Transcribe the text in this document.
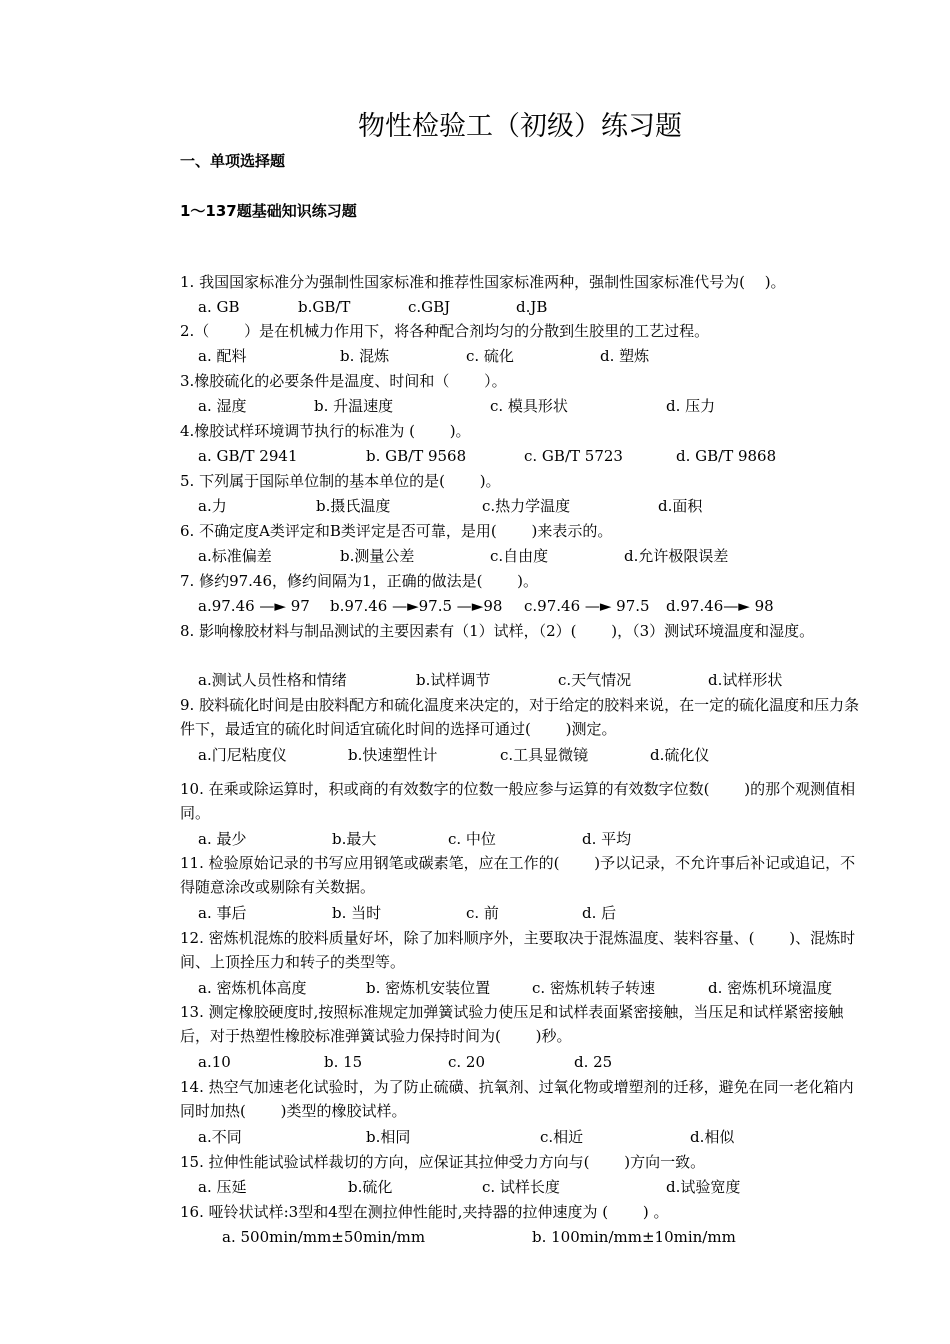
物性检验工（初级）练习题
一、单项选择题
1～137题基础知识练习题
1. 我国国家标准分为强制性国家标准和推荐性国家标准两种，强制性国家标准代号为(　 )。
a. GB	b.GB/T	c.GBJ	d.JB
2.（　　 ）是在机械力作用下，将各种配合剂均匀的分散到生胶里的工艺过程。
a. 配料	b. 混炼	c. 硫化	d. 塑炼
3.橡胶硫化的必要条件是温度、时间和（　　 ）。
a. 湿度	b. 升温速度	c. 模具形状	d. 压力
4.橡胶试样环境调节执行的标准为 (　　 )。
a. GB/T 2941	b. GB/T 9568	c. GB/T 5723	d. GB/T 9868
5. 下列属于国际单位制的基本单位的是(　　 )。
a.力	b.摄氏温度	c.热力学温度	d.面积
6. 不确定度A类评定和B类评定是否可靠，是用(　　 )来表示的。
a.标准偏差	b.测量公差	c.自由度	d.允许极限误差
7. 修约97.46，修约间隔为1，正确的做法是(　　 )。
a.97.46 —► 97 b.97.46 —►97.5 —►98 c.97.46 —► 97.5 d.97.46—► 98
8. 影响橡胶材料与制品测试的主要因素有（1）试样，（2）(　　 )，（3）测试环境温度和湿度。
a.测试人员性格和情绪	b.试样调节	c.天气情况	d.试样形状
9. 胶料硫化时间是由胶料配方和硫化温度来决定的，对于给定的胶料来说，在一定的硫化温度和压力条件下，最适宜的硫化时间适宜硫化时间的选择可通过(　　 )测定。
a.门尼粘度仪	b.快速塑性计	c.工具显微镜	d.硫化仪
10. 在乘或除运算时，积或商的有效数字的位数一般应参与运算的有效数字位数(　　 )的那个观测值相同。
a. 最少	b.最大	c. 中位	d. 平均
11. 检验原始记录的书写应用钢笔或碳素笔，应在工作的(　　 )予以记录，不允许事后补记或追记，不得随意涂改或剔除有关数据。
a. 事后	b. 当时	c. 前	d. 后
12. 密炼机混炼的胶料质量好坏，除了加料顺序外，主要取决于混炼温度、装料容量、(　　 )、混炼时间、上顶拴压力和转子的类型等。
a. 密炼机体高度	b. 密炼机安装位置	c. 密炼机转子转速	d. 密炼机环境温度
13. 测定橡胶硬度时,按照标准规定加弹簧试验力使压足和试样表面紧密接触，当压足和试样紧密接触后，对于热塑性橡胶标准弹簧试验力保持时间为(　　 )秒。
a.10	b. 15	c. 20	d. 25
14. 热空气加速老化试验时，为了防止硫磺、抗氧剂、过氧化物或增塑剂的迁移，避免在同一老化箱内同时加热(　　 )类型的橡胶试样。
a.不同	b.相同	c.相近	d.相似
15. 拉伸性能试验试样裁切的方向，应保证其拉伸受力方向与(　　 )方向一致。
a. 压延	b.硫化	c. 试样长度	d.试验宽度
16. 哑铃状试样:3型和4型在测拉伸性能时,夹持器的拉伸速度为 (　　 ) 。
a. 500min/mm±50min/mm	b. 100min/mm±10min/mm
